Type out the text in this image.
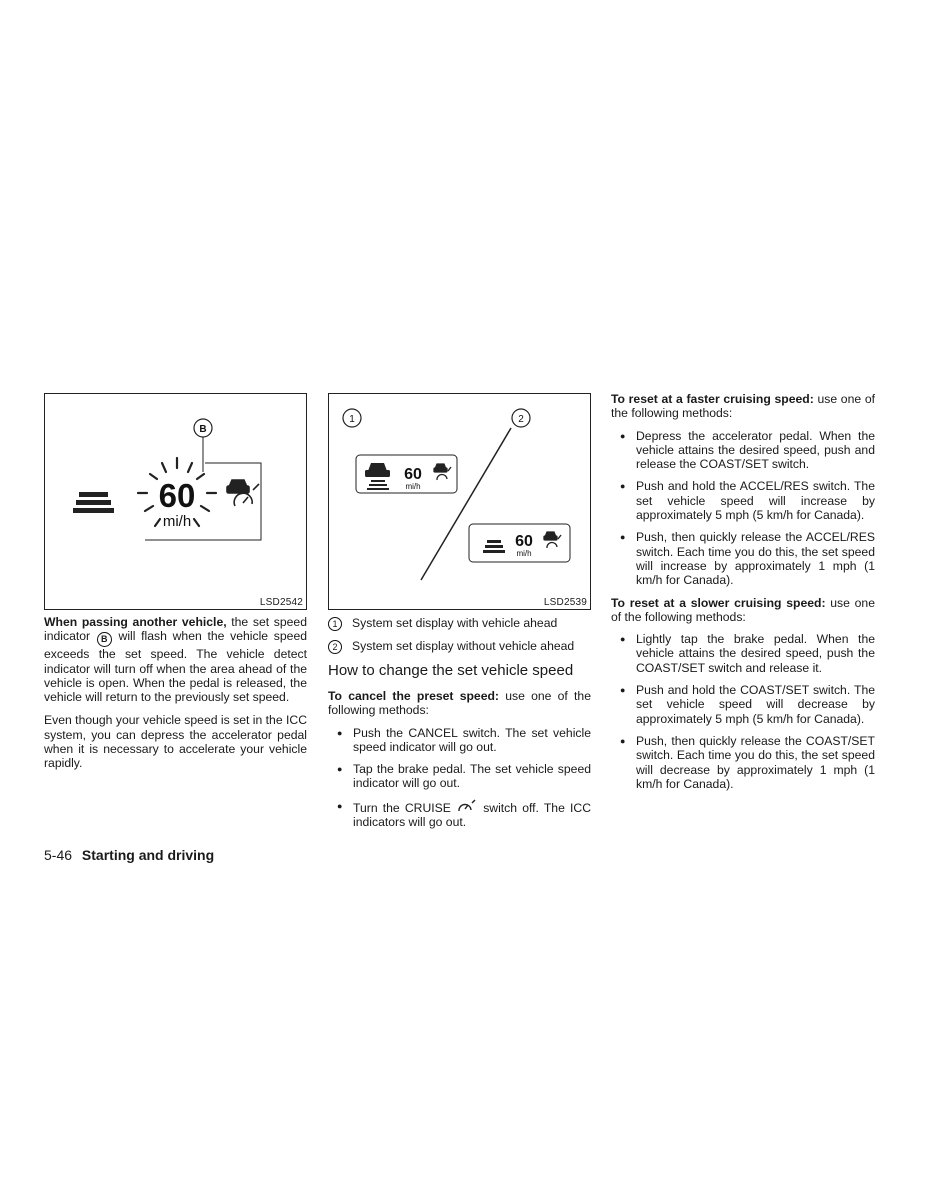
60
mi/h
B
LSD2542

When passing another vehicle, the set speed indicator B will flash when the vehicle speed exceeds the set speed. The vehicle detect indicator will turn off when the area ahead of the vehicle is open. When the pedal is released, the vehicle will return to the previously set speed.

Even though your vehicle speed is set in the ICC system, you can depress the accelerator pedal when it is necessary to accelerate your vehicle rapidly.

1	2
60
mi/h
60
mi/h
LSD2539
1	System set display with vehicle ahead
2	System set display without vehicle ahead
How to change the set vehicle speed

To cancel the preset speed: use one of the following methods:

● Push the CANCEL switch. The set vehicle speed indicator will go out.
● Tap the brake pedal. The set vehicle speed indicator will go out.
● Turn the CRUISE  switch off. The ICC indicators will go out.

To reset at a faster cruising speed: use one of the following methods:

● Depress the accelerator pedal. When the vehicle attains the desired speed, push and release the COAST/SET switch.
● Push and hold the ACCEL/RES switch. The set vehicle speed will increase by approximately 5 mph (5 km/h for Canada).
● Push, then quickly release the ACCEL/RES switch. Each time you do this, the set speed will increase by approximately 1 mph (1 km/h for Canada).

To reset at a slower cruising speed: use one of the following methods:

● Lightly tap the brake pedal. When the vehicle attains the desired speed, push the COAST/SET switch and release it.
● Push and hold the COAST/SET switch. The set vehicle speed will decrease by approximately 5 mph (5 km/h for Canada).
● Push, then quickly release the COAST/SET switch. Each time you do this, the set speed will decrease by approximately 1 mph (1 km/h for Canada).
5-46 Starting and driving
